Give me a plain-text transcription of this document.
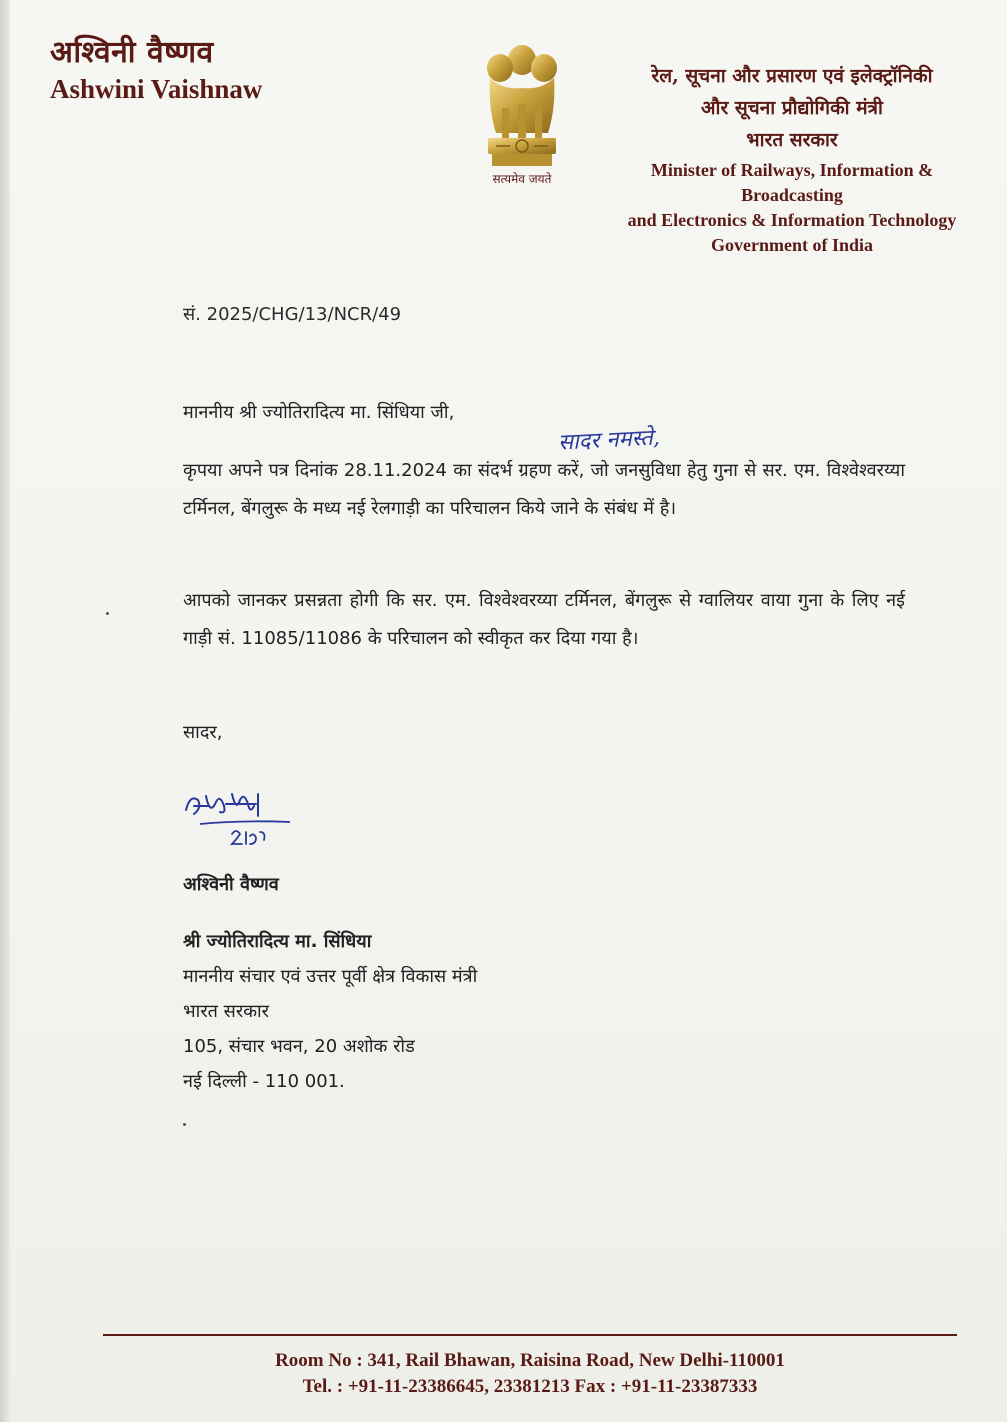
अश्विनी वैष्णव
Ashwini Vaishnaw
सत्यमेव जयते
रेल, सूचना और प्रसारण एवं इलेक्ट्रॉनिकी
और सूचना प्रौद्योगिकी मंत्री
भारत सरकार
Minister of Railways, Information & Broadcasting
and Electronics & Information Technology
Government of India
सं. 2025/CHG/13/NCR/49
माननीय श्री ज्योतिरादित्य मा. सिंधिया जी,
सादर नमस्ते,

कृपया अपने पत्र दिनांक 28.11.2024 का संदर्भ ग्रहण करें, जो जनसुविधा हेतु गुना से सर. एम. विश्वेश्वरय्या टर्मिनल, बेंगलुरू के मध्य नई रेलगाड़ी का परिचालन किये जाने के संबंध में है।

आपको जानकर प्रसन्नता होगी कि सर. एम. विश्वेश्वरय्या टर्मिनल, बेंगलुरू से ग्वालियर वाया गुना के लिए नई गाड़ी सं. 11085/11086 के परिचालन को स्वीकृत कर दिया गया है।

सादर,
अश्विनी वैष्णव
श्री ज्योतिरादित्य मा. सिंधिया
माननीय संचार एवं उत्तर पूर्वी क्षेत्र विकास मंत्री
भारत सरकार
105, संचार भवन, 20 अशोक रोड
नई दिल्ली - 110 001.
Room No : 341, Rail Bhawan, Raisina Road, New Delhi-110001
Tel. : +91-11-23386645, 23381213 Fax : +91-11-23387333
